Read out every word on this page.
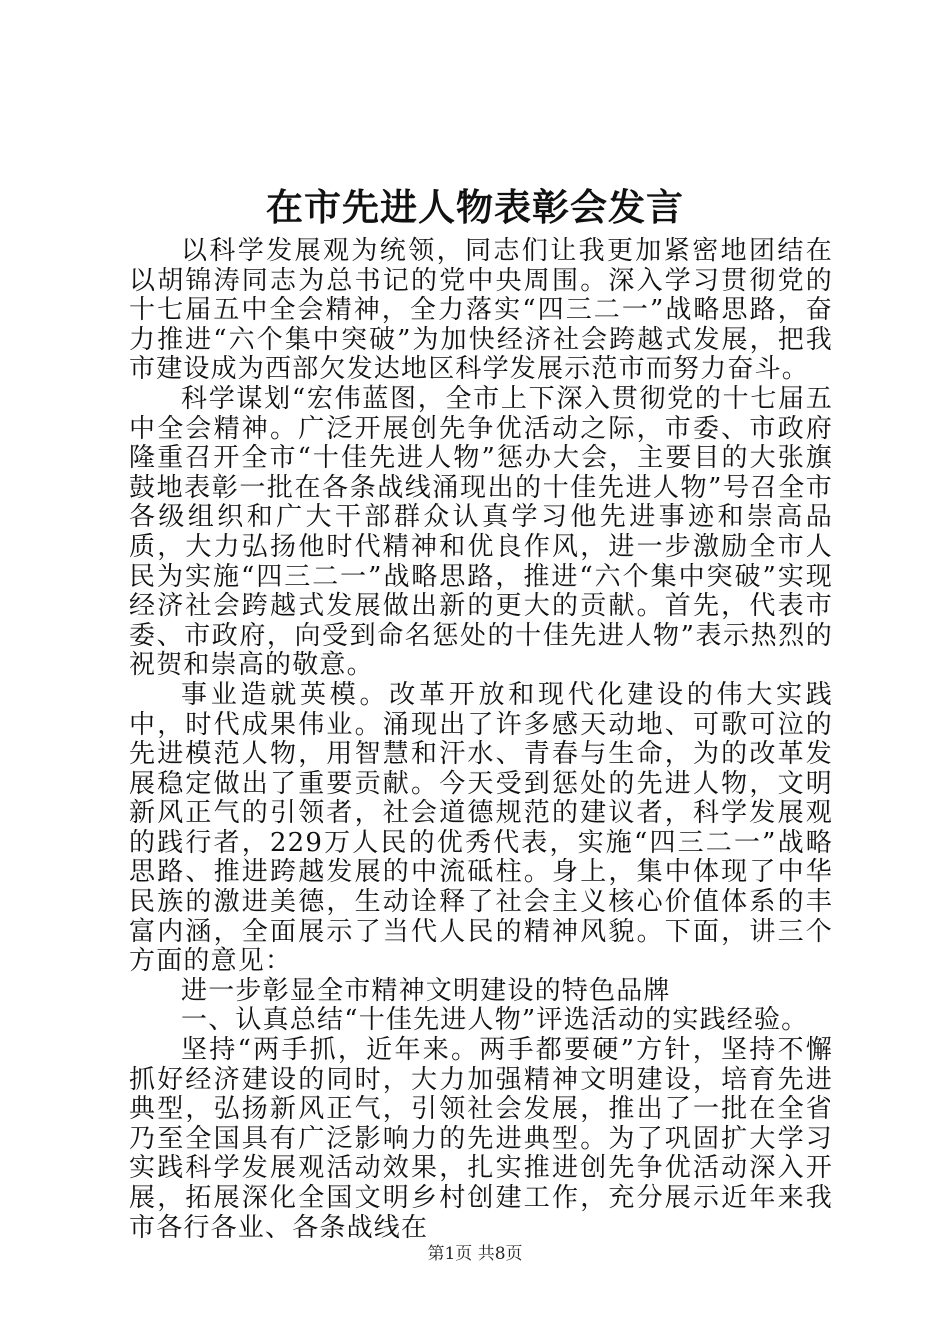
在市先进人物表彰会发言

以科学发展观为统领，同志们让我更加紧密地团结在以胡锦涛同志为总书记的党中央周围。深入学习贯彻党的十七届五中全会精神，全力落实“四三二一”战略思路，奋力推进“六个集中突破”为加快经济社会跨越式发展，把我市建设成为西部欠发达地区科学发展示范市而努力奋斗。

科学谋划“宏伟蓝图，全市上下深入贯彻党的十七届五中全会精神。广泛开展创先争优活动之际，市委、市政府隆重召开全市“十佳先进人物”惩办大会，主要目的大张旗鼓地表彰一批在各条战线涌现出的十佳先进人物”号召全市各级组织和广大干部群众认真学习他先进事迹和崇高品质，大力弘扬他时代精神和优良作风，进一步激励全市人民为实施“四三二一”战略思路，推进“六个集中突破”实现经济社会跨越式发展做出新的更大的贡献。首先，代表市委、市政府，向受到命名惩处的十佳先进人物”表示热烈的祝贺和崇高的敬意。

事业造就英模。改革开放和现代化建设的伟大实践中，时代成果伟业。涌现出了许多感天动地、可歌可泣的先进模范人物，用智慧和汗水、青春与生命，为的改革发展稳定做出了重要贡献。今天受到惩处的先进人物，文明新风正气的引领者，社会道德规范的建议者，科学发展观的践行者，229万人民的优秀代表，实施“四三二一”战略思路、推进跨越发展的中流砥柱。身上，集中体现了中华民族的激进美德，生动诠释了社会主义核心价值体系的丰富内涵，全面展示了当代人民的精神风貌。下面，讲三个方面的意见：

进一步彰显全市精神文明建设的特色品牌

一、认真总结“十佳先进人物”评选活动的实践经验。

坚持“两手抓，近年来。两手都要硬”方针，坚持不懈抓好经济建设的同时，大力加强精神文明建设，培育先进典型，弘扬新风正气，引领社会发展，推出了一批在全省乃至全国具有广泛影响力的先进典型。为了巩固扩大学习实践科学发展观活动效果，扎实推进创先争优活动深入开展，拓展深化全国文明乡村创建工作，充分展示近年来我市各行各业、各条战线在

第1页 共8页
